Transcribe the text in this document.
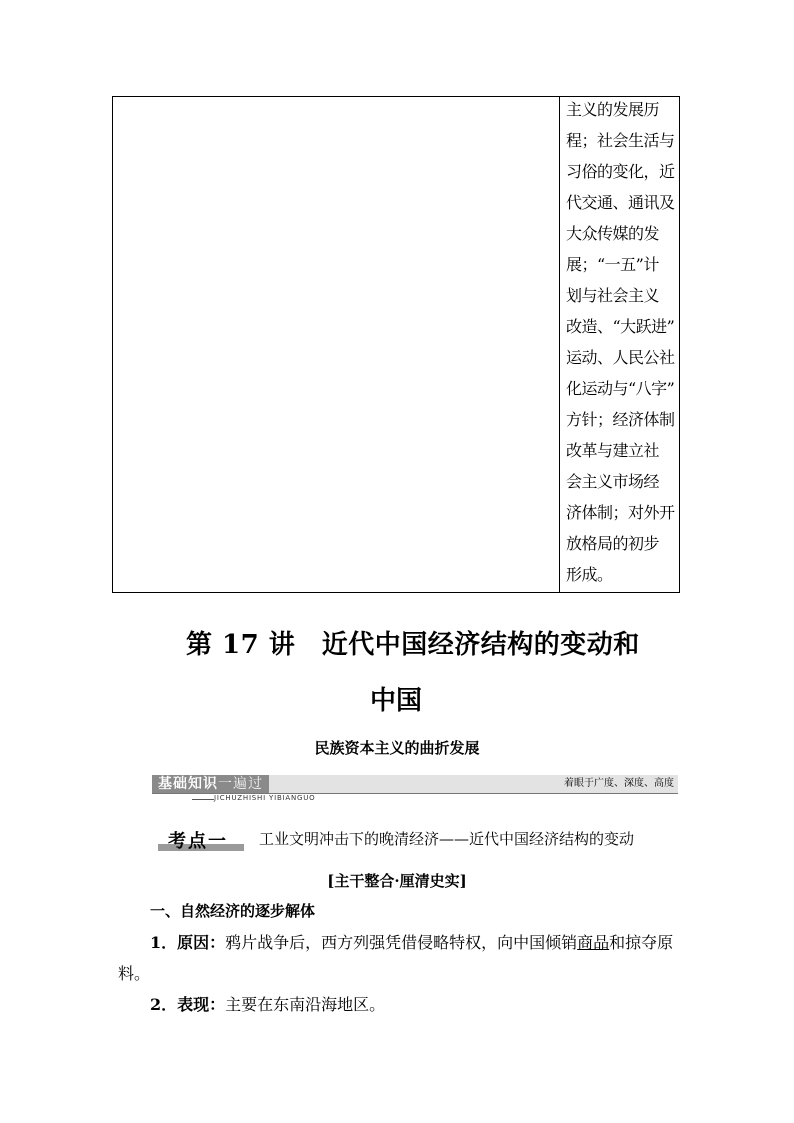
主义的发展历
程；社会生活与
习俗的变化，近
代交通、通讯及
大众传媒的发
展；“一五”计
划与社会主义
改造、“大跃进”
运动、人民公社
化运动与“八字”
方针；经济体制
改革与建立社
会主义市场经
济体制；对外开
放格局的初步
形成。
第 17 讲　近代中国经济结构的变动和
中国
民族资本主义的曲折发展
基础知识一遍过	着眼于广度、深度、高度
JICHUZHISHI YIBIANGUO
考点一 工业文明冲击下的晚清经济——近代中国经济结构的变动
[主干整合·厘清史实]
一、自然经济的逐步解体
1．原因：鸦片战争后，西方列强凭借侵略特权，向中国倾销商品和掠夺原
料。
2．表现：主要在东南沿海地区。
